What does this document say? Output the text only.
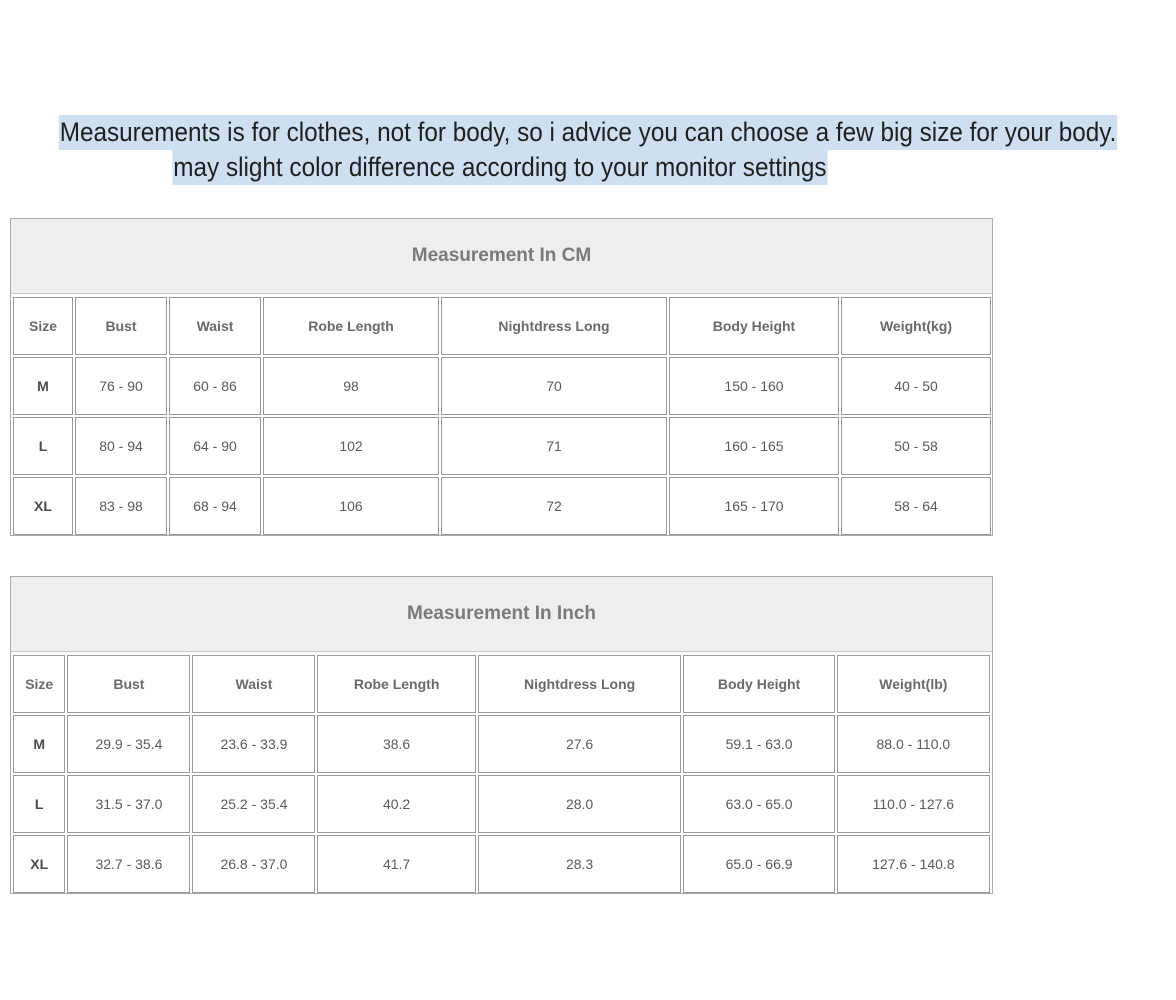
Measurements is for clothes, not for body, so i advice you can choose a few big size for your body.
may slight color difference according to your monitor settings
Measurement In CM
Size	Bust	Waist	Robe Length	Nightdress Long	Body Height	Weight(kg)
M	76 - 90	60 - 86	98	70	150 - 160	40 - 50
L	80 - 94	64 - 90	102	71	160 - 165	50 - 58
XL	83 - 98	68 - 94	106	72	165 - 170	58 - 64
Measurement In Inch
Size	Bust	Waist	Robe Length	Nightdress Long	Body Height	Weight(lb)
M	29.9 - 35.4	23.6 - 33.9	38.6	27.6	59.1 - 63.0	88.0 - 110.0
L	31.5 - 37.0	25.2 - 35.4	40.2	28.0	63.0 - 65.0	110.0 - 127.6
XL	32.7 - 38.6	26.8 - 37.0	41.7	28.3	65.0 - 66.9	127.6 - 140.8
